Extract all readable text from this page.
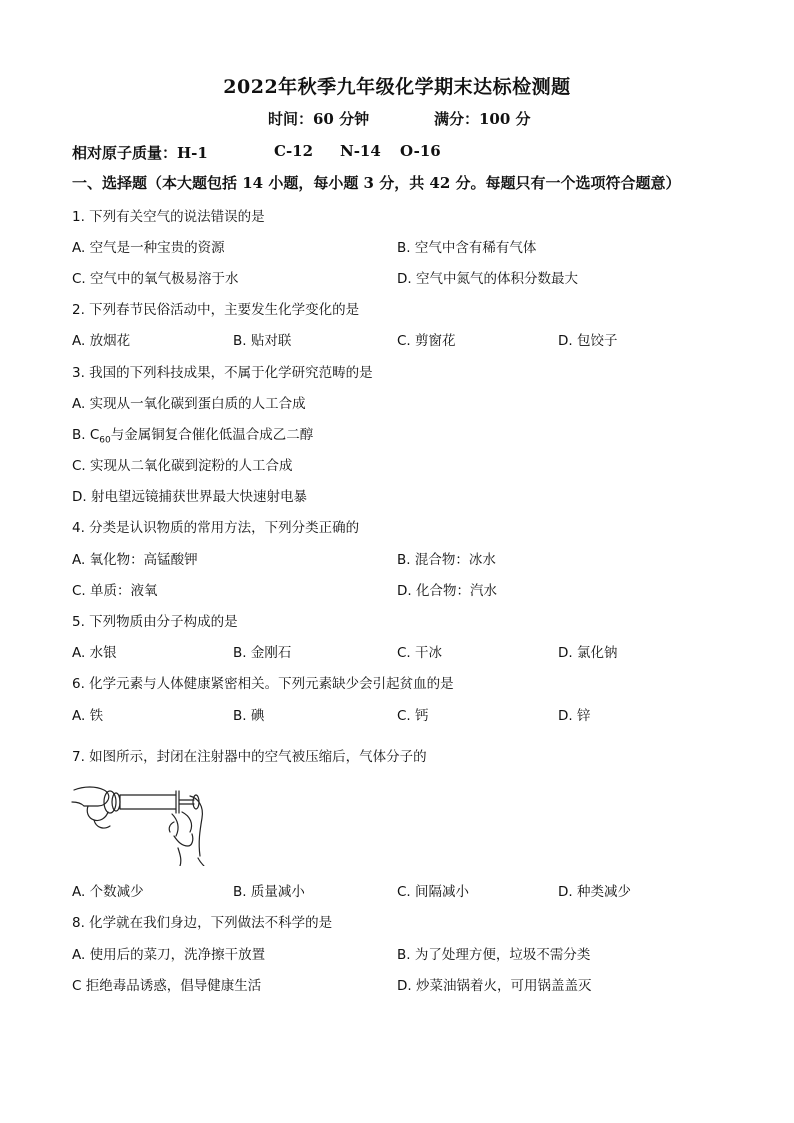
2022年秋季九年级化学期末达标检测题
时间：60 分钟	满分：100 分
相对原子质量：H-1	C-12 N-14 O-16
一、选择题（本大题包括 14 小题，每小题 3 分，共 42 分。每题只有一个选项符合题意）
1. 下列有关空气的说法错误的是
A. 空气是一种宝贵的资源	B. 空气中含有稀有气体
C. 空气中的氧气极易溶于水	D. 空气中氮气的体积分数最大
2. 下列春节民俗活动中，主要发生化学变化的是
A. 放烟花	B. 贴对联	C. 剪窗花	D. 包饺子
3. 我国的下列科技成果，不属于化学研究范畴的是
A. 实现从一氧化碳到蛋白质的人工合成
B. $C_{60}$与金属铜复合催化低温合成乙二醇
C. 实现从二氧化碳到淀粉的人工合成
D. 射电望远镜捕获世界最大快速射电暴
4. 分类是认识物质的常用方法，下列分类正确的
A. 氧化物：高锰酸钾	B. 混合物：冰水
C. 单质：液氧	D. 化合物：汽水
5. 下列物质由分子构成的是
A. 水银	B. 金刚石	C. 干冰	D. 氯化钠
6. 化学元素与人体健康紧密相关。下列元素缺少会引起贫血的是
A. 铁	B. 碘	C. 钙	D. 锌
7. 如图所示，封闭在注射器中的空气被压缩后，气体分子的
A. 个数减少	B. 质量减小	C. 间隔减小	D. 种类减少
8. 化学就在我们身边，下列做法不科学的是
A. 使用后的菜刀，洗净擦干放置	B. 为了处理方便，垃圾不需分类
C 拒绝毒品诱惑，倡导健康生活	D. 炒菜油锅着火，可用锅盖盖灭
